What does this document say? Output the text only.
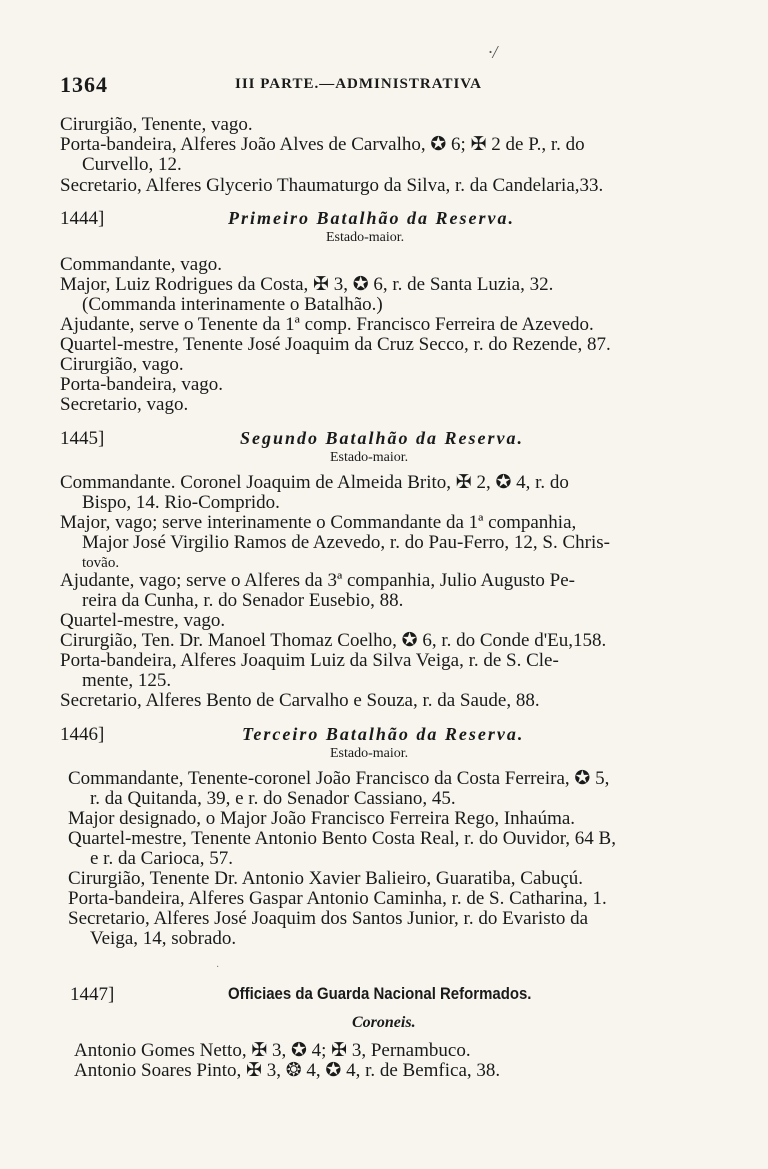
·/
1364	III PARTE.—ADMINISTRATIVA
Cirurgião, Tenente, vago.
Porta-bandeira, Alferes João Alves de Carvalho, ✪ 6; ✠ 2 de P., r. do
Curvello, 12.
Secretario, Alferes Glycerio Thaumaturgo da Silva, r. da Candelaria,33.
1444]	Primeiro Batalhão da Reserva.
Estado-maior.
Commandante, vago.
Major, Luiz Rodrigues da Costa, ✠ 3, ✪ 6, r. de Santa Luzia, 32.
(Commanda interinamente o Batalhão.)
Ajudante, serve o Tenente da 1ª comp. Francisco Ferreira de Azevedo.
Quartel-mestre, Tenente José Joaquim da Cruz Secco, r. do Rezende, 87.
Cirurgião, vago.
Porta-bandeira, vago.
Secretario, vago.
1445]	Segundo Batalhão da Reserva.
Estado-maior.
Commandante. Coronel Joaquim de Almeida Brito, ✠ 2, ✪ 4, r. do
Bispo, 14. Rio-Comprido.
Major, vago; serve interinamente o Commandante da 1ª companhia,
Major José Virgilio Ramos de Azevedo, r. do Pau-Ferro, 12, S. Chris-
tovão.
Ajudante, vago; serve o Alferes da 3ª companhia, Julio Augusto Pe-
reira da Cunha, r. do Senador Eusebio, 88.
Quartel-mestre, vago.
Cirurgião, Ten. Dr. Manoel Thomaz Coelho, ✪ 6, r. do Conde d'Eu,158.
Porta-bandeira, Alferes Joaquim Luiz da Silva Veiga, r. de S. Cle-
mente, 125.
Secretario, Alferes Bento de Carvalho e Souza, r. da Saude, 88.
1446]	Terceiro Batalhão da Reserva.
Estado-maior.
Commandante, Tenente-coronel João Francisco da Costa Ferreira, ✪ 5,
r. da Quitanda, 39, e r. do Senador Cassiano, 45.
Major designado, o Major João Francisco Ferreira Rego, Inhaúma.
Quartel-mestre, Tenente Antonio Bento Costa Real, r. do Ouvidor, 64 B,
e r. da Carioca, 57.
Cirurgião, Tenente Dr. Antonio Xavier Balieiro, Guaratiba, Cabuçú.
Porta-bandeira, Alferes Gaspar Antonio Caminha, r. de S. Catharina, 1.
Secretario, Alferes José Joaquim dos Santos Junior, r. do Evaristo da
Veiga, 14, sobrado.
·
1447]	Officiaes da Guarda Nacional Reformados.
Coroneis.
Antonio Gomes Netto, ✠ 3, ✪ 4; ✠ 3, Pernambuco.
Antonio Soares Pinto, ✠ 3, ❂ 4, ✪ 4, r. de Bemfica, 38.
